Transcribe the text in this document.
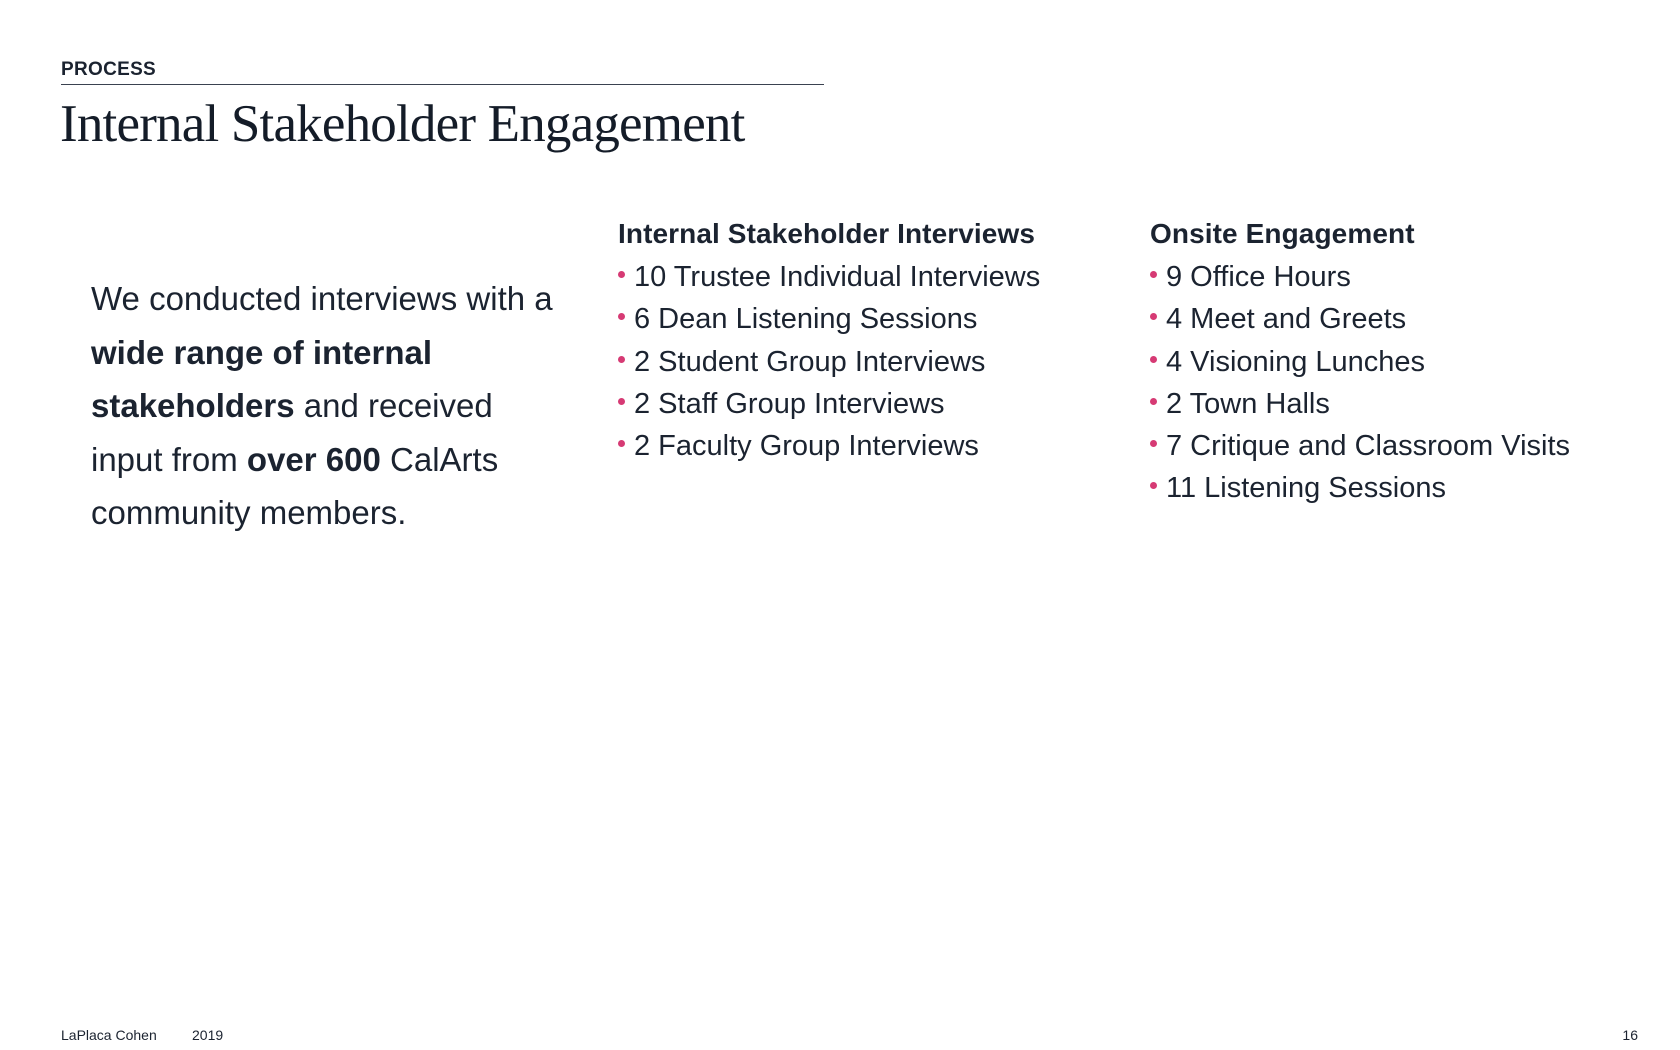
PROCESS
Internal Stakeholder Engagement

We conducted interviews with a wide range of internal stakeholders and received input from over 600 CalArts community members.

Internal Stakeholder Interviews
10 Trustee Individual Interviews
6 Dean Listening Sessions
2 Student Group Interviews
2 Staff Group Interviews
2 Faculty Group Interviews
Onsite Engagement
9 Office Hours
4 Meet and Greets
4 Visioning Lunches
2 Town Halls
7 Critique and Classroom Visits
11 Listening Sessions
LaPlaca Cohen	2019	16
